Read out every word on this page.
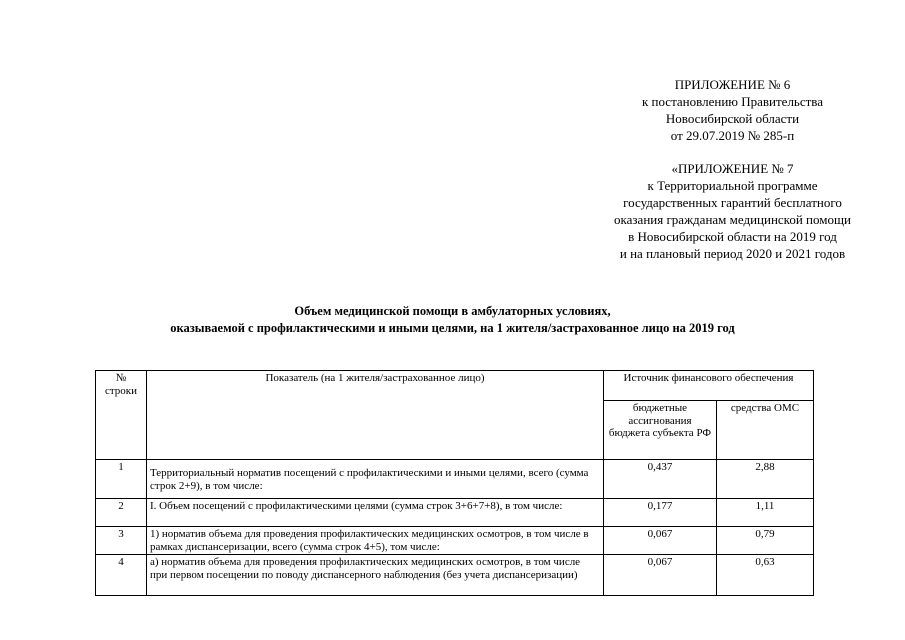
ПРИЛОЖЕНИЕ № 6
к постановлению Правительства
Новосибирской области
от 29.07.2019 № 285-п
«ПРИЛОЖЕНИЕ № 7
к Территориальной программе
государственных гарантий бесплатного
оказания гражданам медицинской помощи
в Новосибирской области на 2019 год
и на плановый период 2020 и 2021 годов
Объем медицинской помощи в амбулаторных условиях,
оказываемой с профилактическими и иными целями, на 1 жителя/застрахованное лицо на 2019 год
№ строки	Показатель (на 1 жителя/застрахованное лицо)	Источник финансового обеспечения	
		бюджетные ассигнования бюджета субъекта РФ	средства ОМС
1	Территориальный норматив посещений с профилактическими и иными целями, всего (сумма строк 2+9), в том числе:	0,437	2,88
2	I. Объем посещений с профилактическими целями (сумма строк 3+6+7+8), в том числе:	0,177	1,11
3	1) норматив объема для проведения профилактических медицинских осмотров, в том числе в рамках диспансеризации, всего (сумма строк 4+5), том числе:	0,067	0,79
4	а) норматив объема для проведения профилактических медицинских осмотров, в том числе при первом посещении по поводу диспансерного наблюдения (без учета диспансеризации)	0,067	0,63
